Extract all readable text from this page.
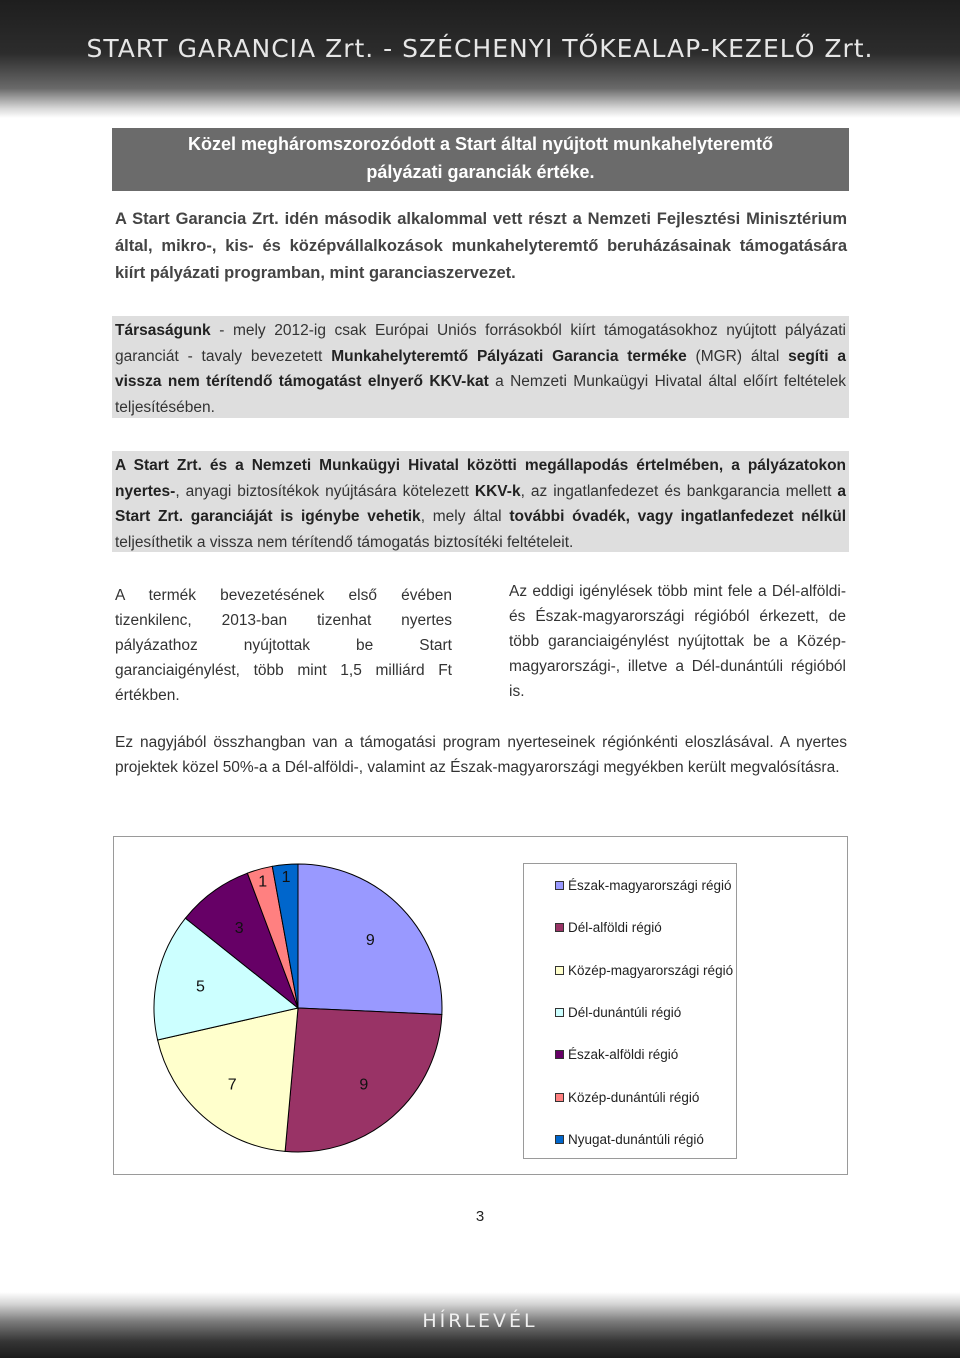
START GARANCIA Zrt. - SZÉCHENYI TŐKEALAP-KEZELŐ Zrt.
Közel megháromszorozódott a Start által nyújtott munkahelyteremtő
pályázati garanciák értéke.
A Start Garancia Zrt. idén második alkalommal vett részt a Nemzeti Fejlesztési Minisztérium által, mikro-, kis- és középvállalkozások munkahelyteremtő beruházásainak támogatására kiírt pályázati programban, mint garanciaszervezet.
Társaságunk - mely 2012-ig csak Európai Uniós forrásokból kiírt támogatásokhoz nyújtott pályázati garanciát - tavaly bevezetett Munkahelyteremtő Pályázati Garancia terméke (MGR) által segíti a vissza nem térítendő támogatást elnyerő KKV-kat a Nemzeti Munkaügyi Hivatal által előírt feltételek teljesítésében.
A Start Zrt. és a Nemzeti Munkaügyi Hivatal közötti megállapodás értelmében, a pályázatokon nyertes-, anyagi biztosítékok nyújtására kötelezett KKV-k, az ingatlanfedezet és bankgarancia mellett a Start Zrt. garanciáját is igénybe vehetik, mely által további óvadék, vagy ingatlanfedezet nélkül teljesíthetik a vissza nem térítendő támogatás biztosítéki feltételeit.
A termék bevezetésének első évében tizenkilenc, 2013-ban tizenhat nyertes pályázathoz nyújtottak be Start garanciaigénylést, több mint 1,5 milliárd Ft értékben.
Az eddigi igénylések több mint fele a Dél-alföldi- és Észak-magyarországi régióból érkezett, de több garanciaigénylést nyújtottak be a Közép-magyarországi-, illetve a Dél-dunántúli régióból is.
Ez nagyjából összhangban van a támogatási program nyerteseinek régiónkénti eloszlásával. A nyertes projektek közel 50%-a a Dél-alföldi-, valamint az Észak-magyarországi megyékben került megvalósításra.
9
9
7
5
3
1 1	Észak-magyarországi régió
Dél-alföldi régió
Közép-magyarországi régió
Dél-dunántúli régió
Észak-alföldi régió
Közép-dunántúli régió
Nyugat-dunántúli régió
3
HÍRLEVÉL
